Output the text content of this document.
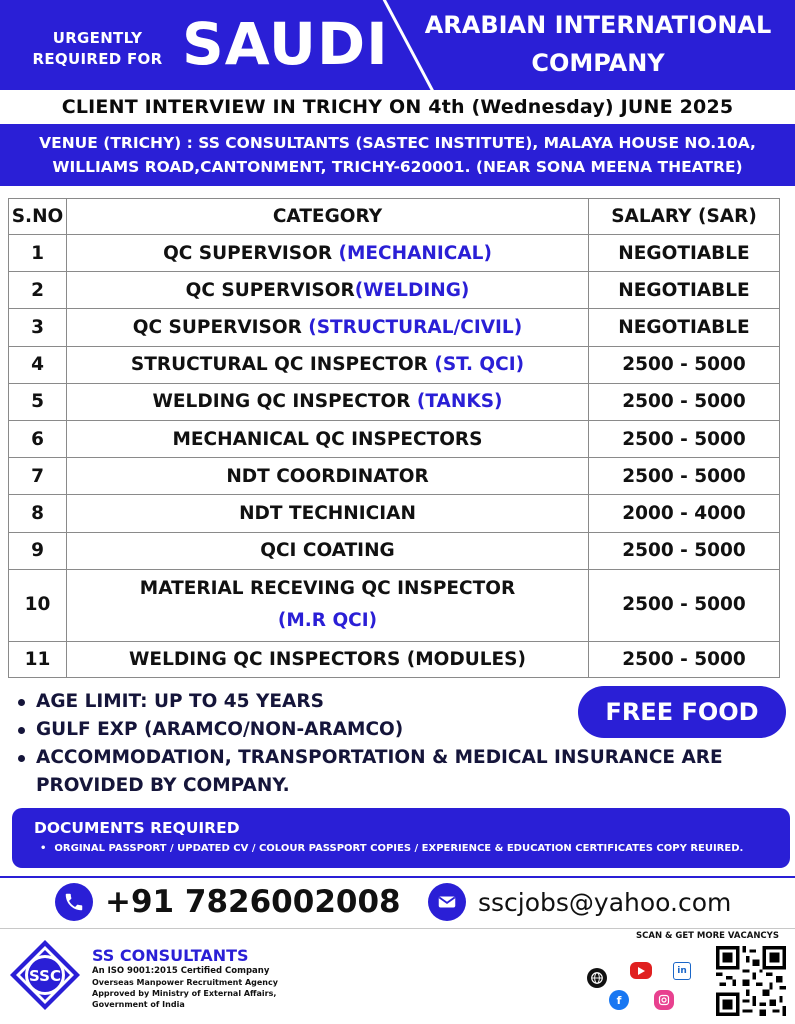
URGENTLY
REQUIRED FOR SAUDI	ARABIAN INTERNATIONAL
COMPANY
CLIENT INTERVIEW IN TRICHY ON 4th (Wednesday) JUNE 2025
VENUE (TRICHY) : SS CONSULTANTS (SASTEC INSTITUTE), MALAYA HOUSE NO.10A,
WILLIAMS ROAD,CANTONMENT, TRICHY-620001. (NEAR SONA MEENA THEATRE)
S.NO	CATEGORY	SALARY (SAR)
1	QC SUPERVISOR (MECHANICAL)	NEGOTIABLE
2	QC SUPERVISOR(WELDING)	NEGOTIABLE
3	QC SUPERVISOR (STRUCTURAL/CIVIL)	NEGOTIABLE
4	STRUCTURAL QC INSPECTOR (ST. QCI)	2500 - 5000
5	WELDING QC INSPECTOR (TANKS)	2500 - 5000
6	MECHANICAL QC INSPECTORS	2500 - 5000
7	NDT COORDINATOR	2500 - 5000
8	NDT TECHNICIAN	2000 - 4000
9	QCI COATING	2500 - 5000
10	MATERIAL RECEVING QC INSPECTOR
(M.R QCI)	2500 - 5000
11	WELDING QC INSPECTORS (MODULES)	2500 - 5000
AGE LIMIT: UP TO 45 YEARS
GULF EXP (ARAMCO/NON-ARAMCO)
ACCOMMODATION, TRANSPORTATION & MEDICAL INSURANCE ARE PROVIDED BY COMPANY.
FREE FOOD
DOCUMENTS REQUIRED
• ORGINAL PASSPORT / UPDATED CV / COLOUR PASSPORT COPIES / EXPERIENCE & EDUCATION CERTIFICATES COPY REUIRED.
+91 7826002008	sscjobs@yahoo.com
SSC
SS CONSULTANTS
An ISO 9001:2015 Certified Company
Overseas Manpower Recruitment Agency
Approved by Ministry of External Affairs,
Government of India
SCAN & GET MORE VACANCYS
in
f
